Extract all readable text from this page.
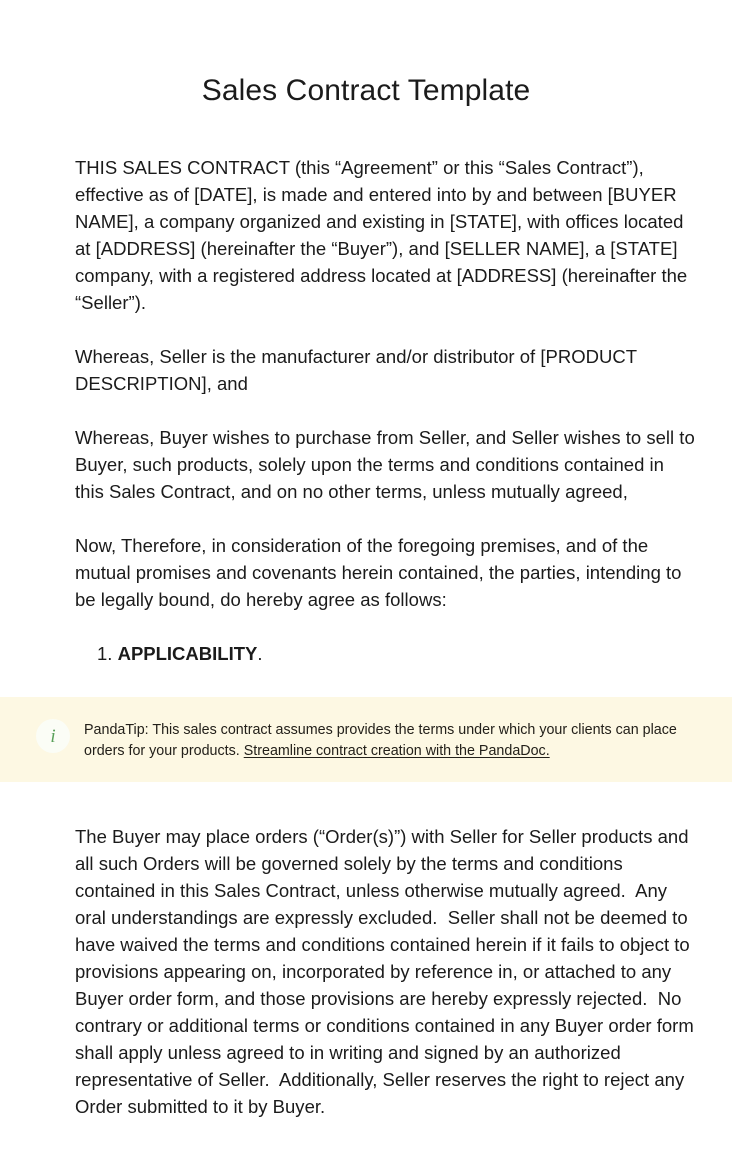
Sales Contract Template

THIS SALES CONTRACT (this “Agreement” or this “Sales Contract”), effective as of [DATE], is made and entered into by and between [BUYER NAME], a company organized and existing in [STATE], with offices located at [ADDRESS] (hereinafter the “Buyer”), and [SELLER NAME], a [STATE] company, with a registered address located at [ADDRESS] (hereinafter the “Seller”).

Whereas, Seller is the manufacturer and/or distributor of [PRODUCT DESCRIPTION], and

Whereas, Buyer wishes to purchase from Seller, and Seller wishes to sell to Buyer, such products, solely upon the terms and conditions contained in this Sales Contract, and on no other terms, unless mutually agreed,

Now, Therefore, in consideration of the foregoing premises, and of the mutual promises and covenants herein contained, the parties, intending to be legally bound, do hereby agree as follows:

1. APPLICABILITY.
i PandaTip: This sales contract assumes provides the terms under which your clients can place orders for your products. Streamline contract creation with the PandaDoc.

The Buyer may place orders (“Order(s)”) with Seller for Seller products and all such Orders will be governed solely by the terms and conditions contained in this Sales Contract, unless otherwise mutually agreed.  Any oral understandings are expressly excluded.  Seller shall not be deemed to have waived the terms and conditions contained herein if it fails to object to provisions appearing on, incorporated by reference in, or attached to any Buyer order form, and those provisions are hereby expressly rejected.  No contrary or additional terms or conditions contained in any Buyer order form shall apply unless agreed to in writing and signed by an authorized representative of Seller.  Additionally, Seller reserves the right to reject any Order submitted to it by Buyer.
